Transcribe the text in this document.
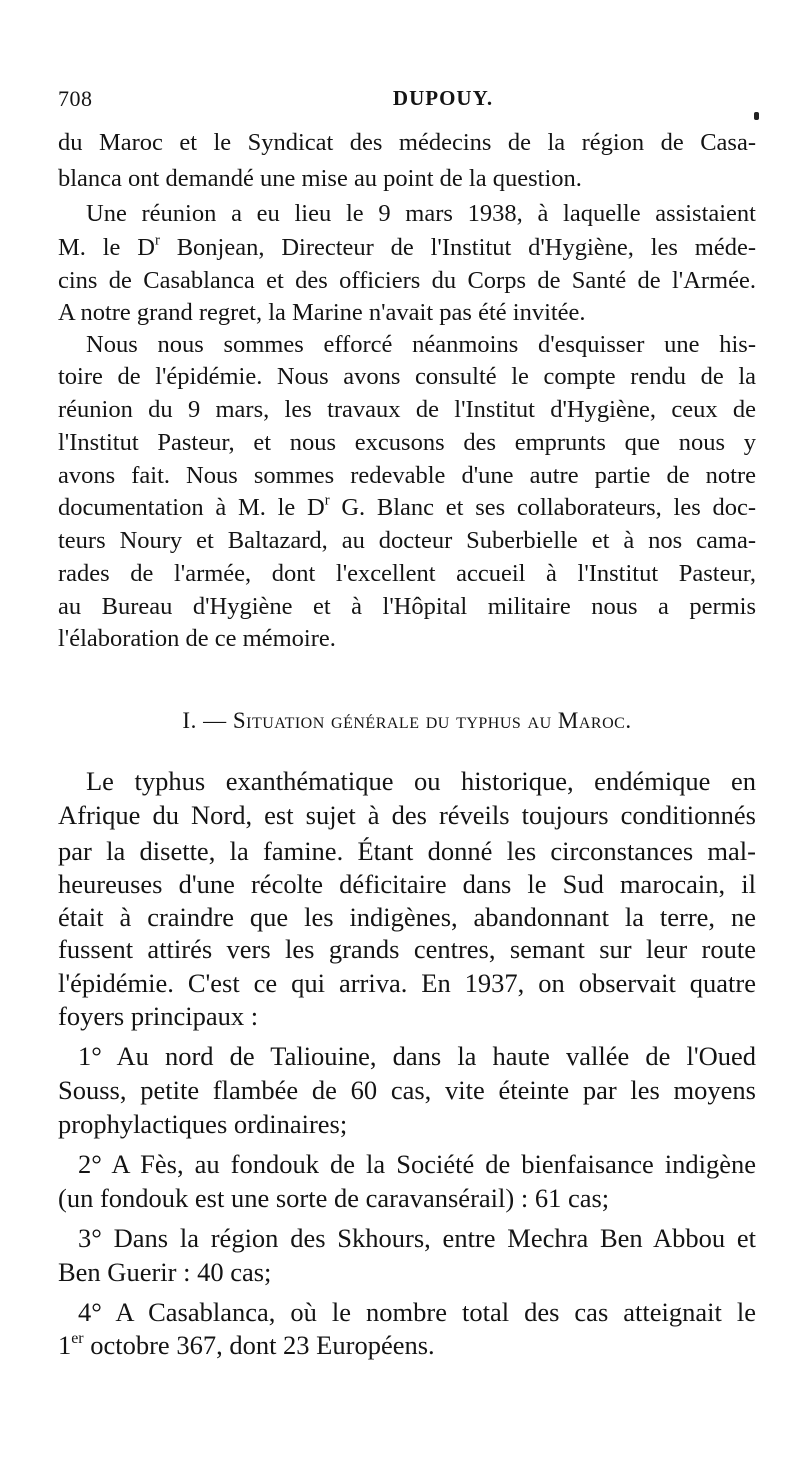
708	DUPOUY.
du Maroc et le Syndicat des médecins de la région de Casa-
blanca ont demandé une mise au point de la question.
Une réunion a eu lieu le 9 mars 1938, à laquelle assistaient
M. le $D^r$ Bonjean, Directeur de l'Institut d'Hygiène, les méde-
cins de Casablanca et des officiers du Corps de Santé de l'Armée.
A notre grand regret, la Marine n'avait pas été invitée.
Nous nous sommes efforcé néanmoins d'esquisser une his-
toire de l'épidémie. Nous avons consulté le compte rendu de la
réunion du 9 mars, les travaux de l'Institut d'Hygiène, ceux de
l'Institut Pasteur, et nous excusons des emprunts que nous y
avons fait. Nous sommes redevable d'une autre partie de notre
documentation à M. le $D^r$ G. Blanc et ses collaborateurs, les doc-
teurs Noury et Baltazard, au docteur Suberbielle et à nos cama-
rades de l'armée, dont l'excellent accueil à l'Institut Pasteur,
au Bureau d'Hygiène et à l'Hôpital militaire nous a permis
l'élaboration de ce mémoire.
I. — Situation générale du typhus au Maroc.
Le typhus exanthématique ou historique, endémique en
Afrique du Nord, est sujet à des réveils toujours conditionnés
par la disette, la famine. Étant donné les circonstances mal-
heureuses d'une récolte déficitaire dans le Sud marocain, il
était à craindre que les indigènes, abandonnant la terre, ne
fussent attirés vers les grands centres, semant sur leur route
l'épidémie. C'est ce qui arriva. En 1937, on observait quatre
foyers principaux :
1° Au nord de Taliouine, dans la haute vallée de l'Oued
Souss, petite flambée de 60 cas, vite éteinte par les moyens
prophylactiques ordinaires;
2° A Fès, au fondouk de la Société de bienfaisance indigène
(un fondouk est une sorte de caravansérail) : 61 cas;
3° Dans la région des Skhours, entre Mechra Ben Abbou et
Ben Guerir : 40 cas;
4° A Casablanca, où le nombre total des cas atteignait le
1er octobre 367, dont 23 Européens.
